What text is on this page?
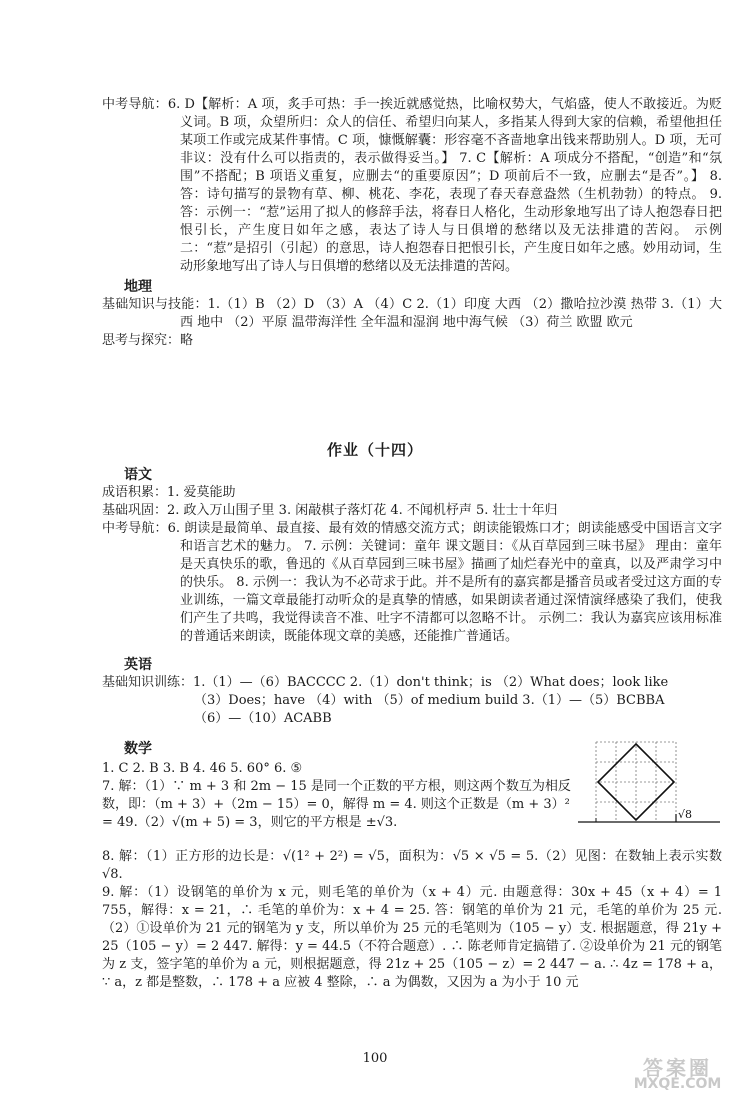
中考导航：6. D【解析：A 项，炙手可热：手一挨近就感觉热，比喻权势大，气焰盛，使人不敢接近。为贬义词。B 项，众望所归：众人的信任、希望归向某人，多指某人得到大家的信赖，希望他担任某项工作或完成某件事情。C 项，慷慨解囊：形容毫不吝啬地拿出钱来帮助别人。D 项，无可非议：没有什么可以指责的，表示做得妥当。】 7. C【解析：A 项成分不搭配，“创造”和“氛围”不搭配；B 项语义重复，应删去“的重要原因”；D 项前后不一致，应删去“是否”。】 8. 答：诗句描写的景物有草、柳、桃花、李花，表现了春天春意盎然（生机勃勃）的特点。 9. 答：示例一：“惹”运用了拟人的修辞手法，将春日人格化，生动形象地写出了诗人抱怨春日把恨引长，产生度日如年之感，表达了诗人与日俱增的愁绪以及无法排遣的苦闷。 示例二：“惹”是招引（引起）的意思，诗人抱怨春日把恨引长，产生度日如年之感。妙用动词，生动形象地写出了诗人与日俱增的愁绪以及无法排遣的苦闷。

地理

基础知识与技能：1.（1）B （2）D （3）A （4）C 2.（1）印度 大西 （2）撒哈拉沙漠 热带 3.（1）大西 地中 （2）平原 温带海洋性 全年温和湿润 地中海气候 （3）荷兰 欧盟 欧元

思考与探究：略

作业（十四）

语文

成语积累：1. 爱莫能助

基础巩固：2. 政入万山围子里 3. 闲敲棋子落灯花 4. 不闻机杼声 5. 壮士十年归

中考导航：6. 朗读是最简单、最直接、最有效的情感交流方式；朗读能锻炼口才；朗读能感受中国语言文字和语言艺术的魅力。 7. 示例：关键词：童年 课文题目：《从百草园到三味书屋》 理由：童年是天真快乐的歌，鲁迅的《从百草园到三味书屋》描画了灿烂春光中的童真，以及严肃学习中的快乐。 8. 示例一：我认为不必苛求于此。并不是所有的嘉宾都是播音员或者受过这方面的专业训练，一篇文章最能打动听众的是真挚的情感，如果朗读者通过深情演绎感染了我们，使我们产生了共鸣，我觉得读音不准、吐字不清都可以忽略不计。 示例二：我认为嘉宾应该用标准的普通话来朗读，既能体现文章的美感，还能推广普通话。

英语

基础知识训练：1.（1）—（6）BACCCC 2.（1）don't think；is （2）What does；look like

（3）Does；have （4）with （5）of medium build 3.（1）—（5）BCBBA

（6）—（10）ACABB

数学

1. C 2. B 3. B 4. 46 5. 60° 6. ⑤

7. 解：（1）∵ m + 3 和 2m − 15 是同一个正数的平方根，则这两个数互为相反数，即：（m + 3）+（2m − 15）= 0，解得 m = 4. 则这个正数是（m + 3）² = 49.（2）√(m + 5) = 3，则它的平方根是 ±√3.

√8

8. 解：（1）正方形的边长是：√(1² + 2²) = √5，面积为：√5 × √5 = 5.（2）见图：在数轴上表示实数√8.

9. 解：（1）设钢笔的单价为 x 元，则毛笔的单价为（x + 4）元. 由题意得：30x + 45（x + 4）= 1 755，解得：x = 21，∴ 毛笔的单价为：x + 4 = 25. 答：钢笔的单价为 21 元，毛笔的单价为 25 元.（2）①设单价为 21 元的钢笔为 y 支，所以单价为 25 元的毛笔则为（105 − y）支. 根据题意，得 21y + 25（105 − y）= 2 447. 解得：y = 44.5（不符合题意）. ∴ 陈老师肯定搞错了. ②设单价为 21 元的钢笔为 z 支，签字笔的单价为 a 元，则根据题意，得 21z + 25（105 − z）= 2 447 − a. ∴ 4z = 178 + a，∵ a，z 都是整数，∴ 178 + a 应被 4 整除，∴ a 为偶数，又因为 a 为小于 10 元

100	答案圈
MXQE.COM
